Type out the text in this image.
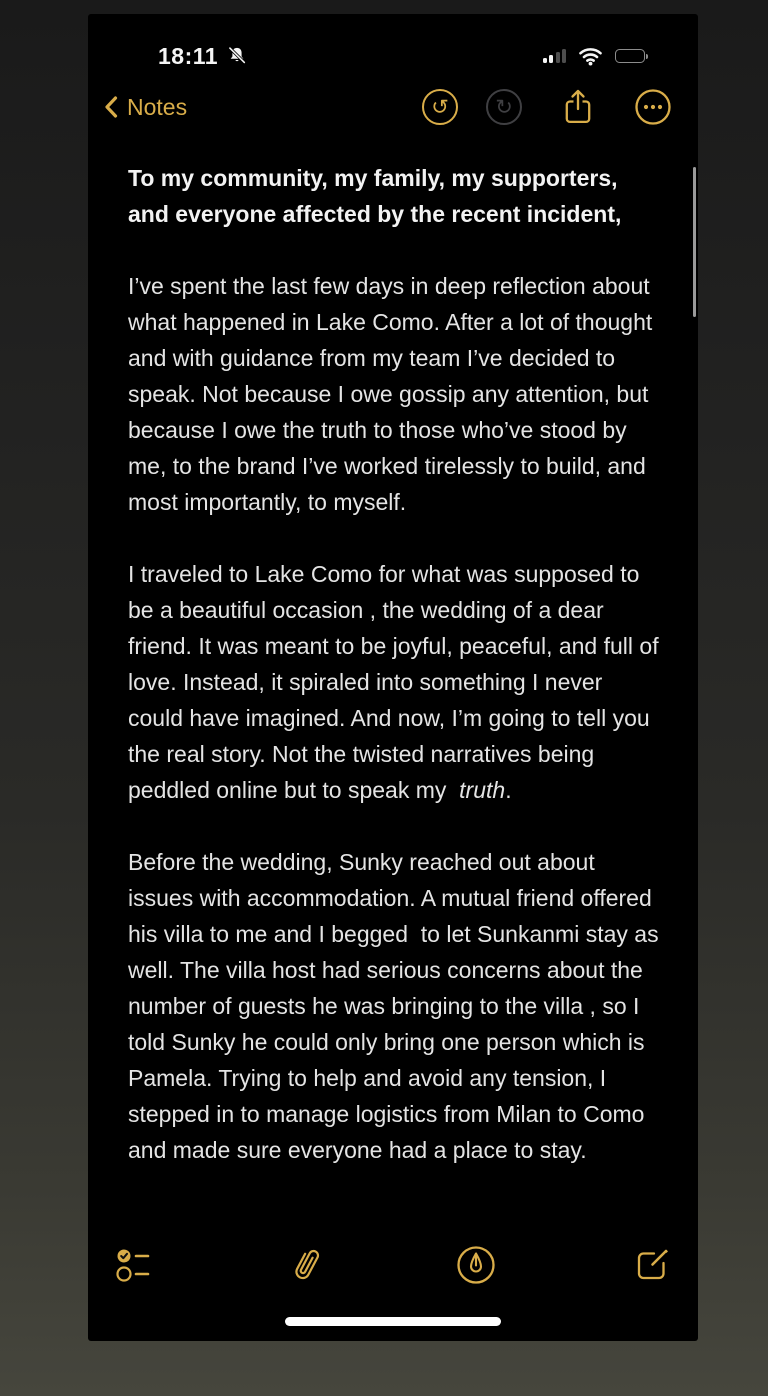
18:11
Notes	↺	↻
To my community, my family, my supporters, and everyone affected by the recent incident,

I’ve spent the last few days in deep reflection about what happened in Lake Como. After a lot of thought and with guidance from my team I’ve decided to speak. Not because I owe gossip any attention, but because I owe the truth to those who’ve stood by me, to the brand I’ve worked tirelessly to build, and most importantly, to myself.

I traveled to Lake Como for what was supposed to be a beautiful occasion , the wedding of a dear friend. It was meant to be joyful, peaceful, and full of love. Instead, it spiraled into something I never could have imagined. And now, I’m going to tell you the real story. Not the twisted narratives being peddled online but to speak my  truth.

Before the wedding, Sunky reached out about issues with accommodation. A mutual friend offered his villa to me and I begged  to let Sunkanmi stay as well. The villa host had serious concerns about the number of guests he was bringing to the villa , so I told Sunky he could only bring one person which is  Pamela. Trying to help and avoid any tension, I stepped in to manage logistics from Milan to Como and made sure everyone had a place to stay.
